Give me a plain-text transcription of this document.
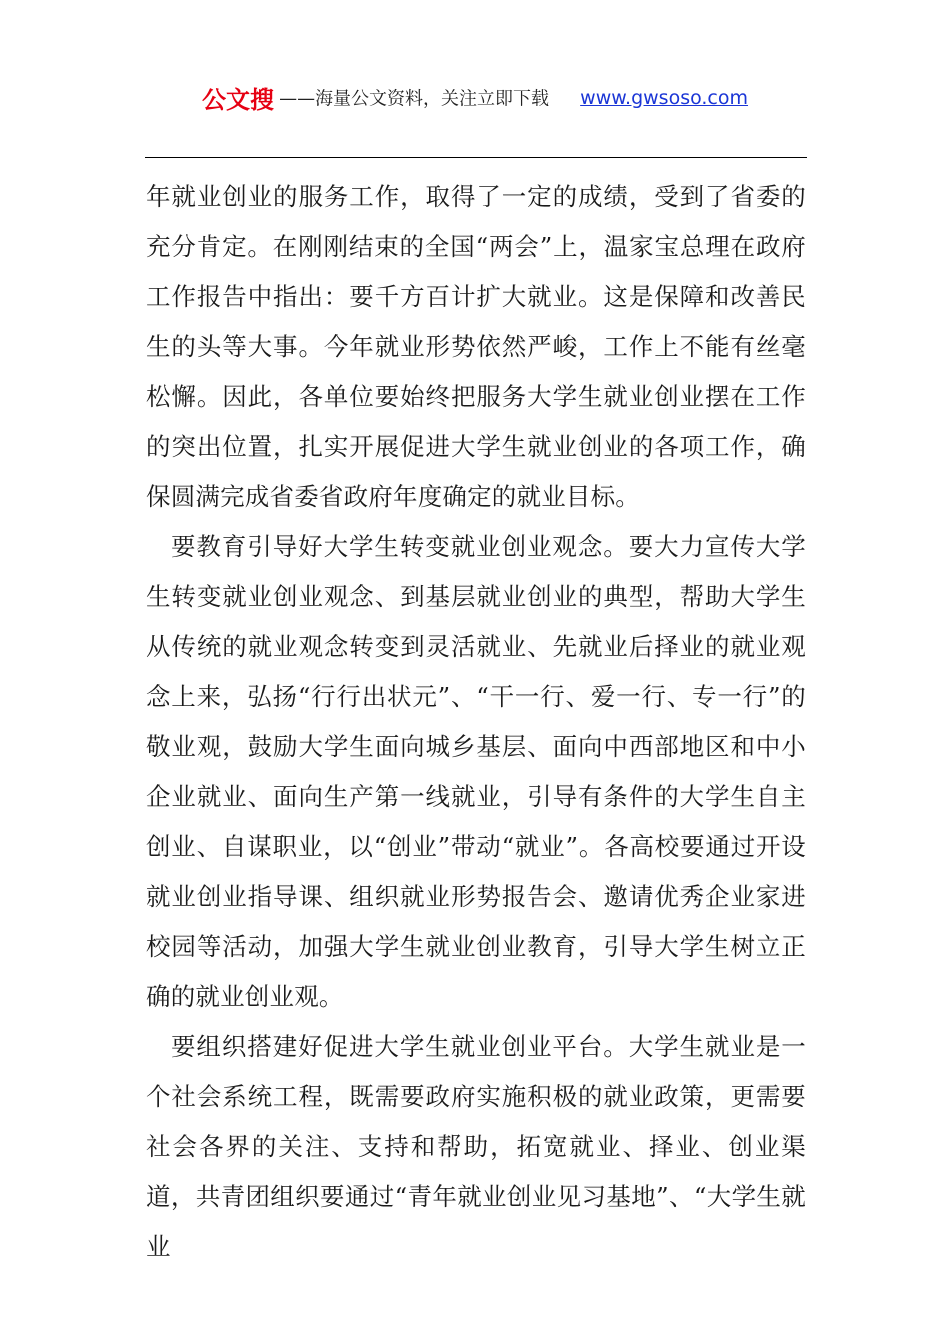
公文搜 ——海量公文资料，关注立即下载 www.gwsoso.com

年就业创业的服务工作，取得了一定的成绩，受到了省委的充分肯定。在刚刚结束的全国“两会”上，温家宝总理在政府工作报告中指出：要千方百计扩大就业。这是保障和改善民生的头等大事。今年就业形势依然严峻，工作上不能有丝毫松懈。因此，各单位要始终把服务大学生就业创业摆在工作的突出位置，扎实开展促进大学生就业创业的各项工作，确保圆满完成省委省政府年度确定的就业目标。

要教育引导好大学生转变就业创业观念。要大力宣传大学生转变就业创业观念、到基层就业创业的典型，帮助大学生从传统的就业观念转变到灵活就业、先就业后择业的就业观念上来，弘扬“行行出状元”、“干一行、爱一行、专一行”的敬业观，鼓励大学生面向城乡基层、面向中西部地区和中小企业就业、面向生产第一线就业，引导有条件的大学生自主创业、自谋职业，以“创业”带动“就业”。各高校要通过开设就业创业指导课、组织就业形势报告会、邀请优秀企业家进校园等活动，加强大学生就业创业教育，引导大学生树立正确的就业创业观。

要组织搭建好促进大学生就业创业平台。大学生就业是一个社会系统工程，既需要政府实施积极的就业政策，更需要社会各界的关注、支持和帮助，拓宽就业、择业、创业渠道，共青团组织要通过“青年就业创业见习基地”、“大学生就业
